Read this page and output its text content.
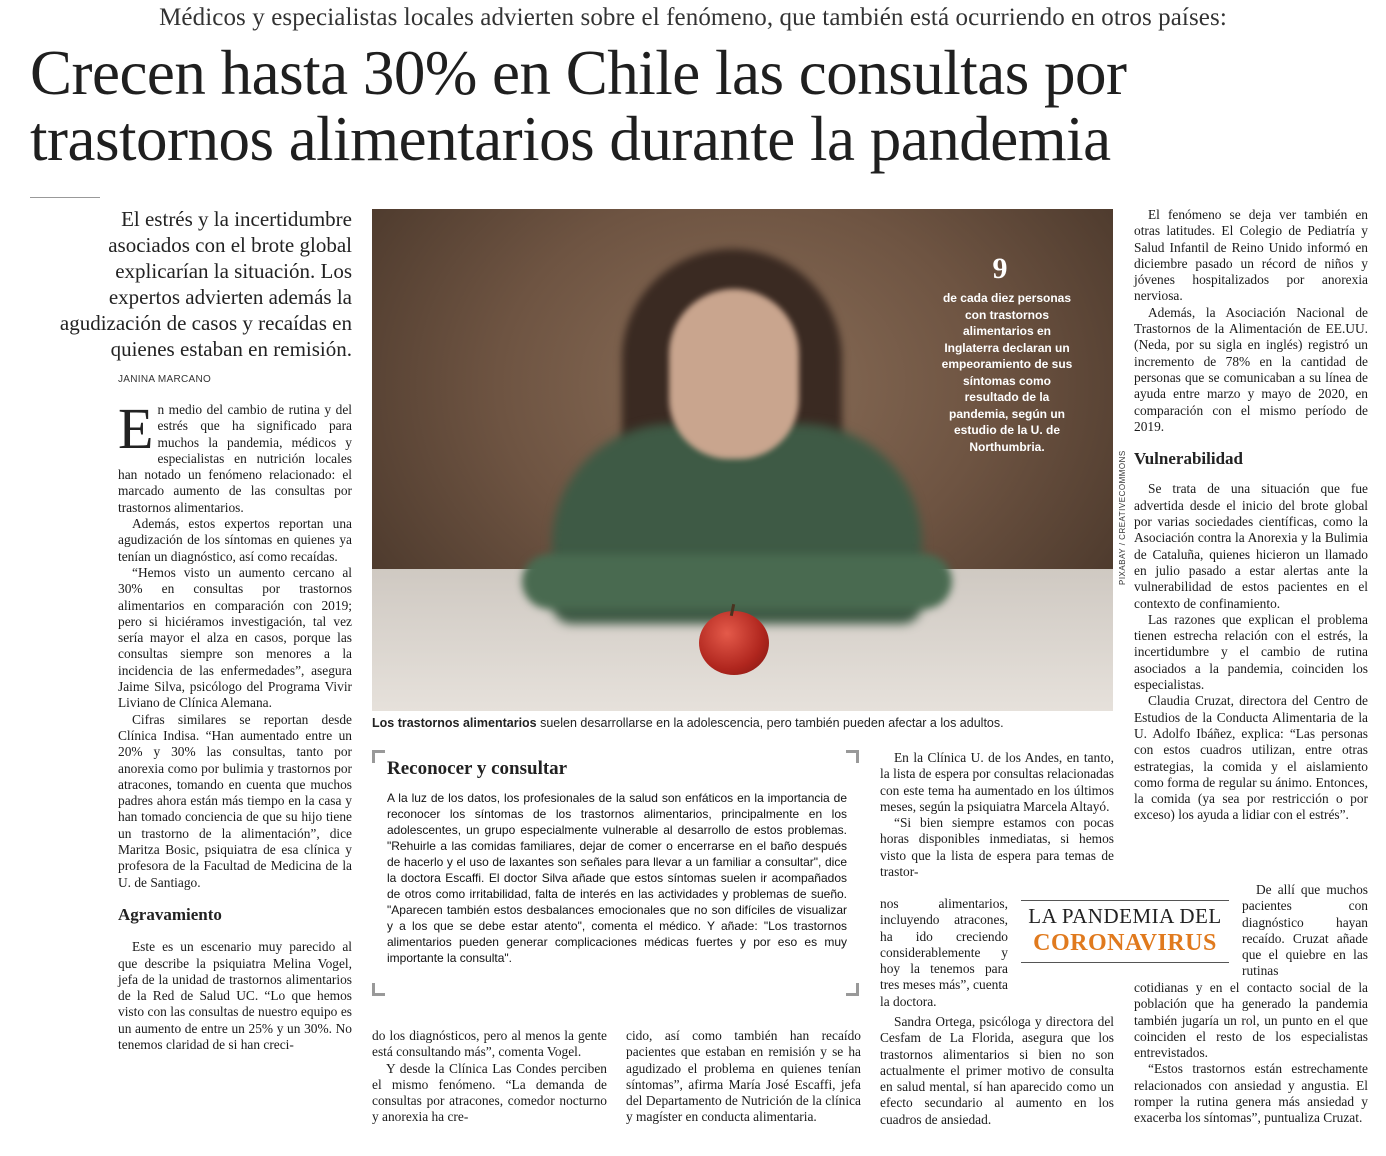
Médicos y especialistas locales advierten sobre el fenómeno, que también está ocurriendo en otros países:
Crecen hasta 30% en Chile las consultas por trastornos alimentarios durante la pandemia
El estrés y la incertidumbre asociados con el brote global explicarían la situación. Los expertos advierten además la agudización de casos y recaídas en quienes estaban en remisión.
JANINA MARCANO

En medio del cambio de rutina y del estrés que ha significado para muchos la pandemia, médicos y especialistas en nutrición locales han notado un fenómeno relacionado: el marcado aumento de las consultas por trastornos alimentarios.

Además, estos expertos reportan una agudización de los síntomas en quienes ya tenían un diagnóstico, así como recaídas.

“Hemos visto un aumento cercano al 30% en consultas por trastornos alimentarios en comparación con 2019; pero si hiciéramos investigación, tal vez sería mayor el alza en casos, porque las consultas siempre son menores a la incidencia de las enfermedades”, asegura Jaime Silva, psicólogo del Programa Vivir Liviano de Clínica Alemana.

Cifras similares se reportan desde Clínica Indisa. “Han aumentado entre un 20% y 30% las consultas, tanto por anorexia como por bulimia y trastornos por atracones, tomando en cuenta que muchos padres ahora están más tiempo en la casa y han tomado conciencia de que su hijo tiene un trastorno de la alimentación”, dice Maritza Bosic, psiquiatra de esa clínica y profesora de la Facultad de Medicina de la U. de Santiago.

Agravamiento

Este es un escenario muy parecido al que describe la psiquiatra Melina Vogel, jefa de la unidad de trastornos alimentarios de la Red de Salud UC. “Lo que hemos visto con las consultas de nuestro equipo es un aumento de entre un 25% y un 30%. No tenemos claridad de si han creci-

9
de cada diez personas con trastornos alimentarios en Inglaterra declaran un empeoramiento de sus síntomas como resultado de la pandemia, según un estudio de la U. de Northumbria.
PIXABAY / CREATIVECOMMONS
Los trastornos alimentarios suelen desarrollarse en la adolescencia, pero también pueden afectar a los adultos.
Reconocer y consultar
A la luz de los datos, los profesionales de la salud son enfáticos en la importancia de reconocer los síntomas de los trastornos alimentarios, principalmente en los adolescentes, un grupo especialmente vulnerable al desarrollo de estos problemas. "Rehuirle a las comidas familiares, dejar de comer o encerrarse en el baño después de hacerlo y el uso de laxantes son señales para llevar a un familiar a consultar", dice la doctora Escaffi. El doctor Silva añade que estos síntomas suelen ir acompañados de otros como irritabilidad, falta de interés en las actividades y problemas de sueño. "Aparecen también estos desbalances emocionales que no son difíciles de visualizar y a los que se debe estar atento", comenta el médico. Y añade: "Los trastornos alimentarios pueden generar complicaciones médicas fuertes y por eso es muy importante la consulta".

do los diagnósticos, pero al menos la gente está consultando más”, comenta Vogel.

Y desde la Clínica Las Condes perciben el mismo fenómeno. “La demanda de consultas por atracones, comedor nocturno y anorexia ha cre-

cido, así como también han recaído pacientes que estaban en remisión y se ha agudizado el problema en quienes tenían síntomas”, afirma María José Escaffi, jefa del Departamento de Nutrición de la clínica y magíster en conducta alimentaria.

En la Clínica U. de los Andes, en tanto, la lista de espera por consultas relacionadas con este tema ha aumentado en los últimos meses, según la psiquiatra Marcela Altayó.

“Si bien siempre estamos con pocas horas disponibles inmediatas, si hemos visto que la lista de espera para temas de trastor-

nos alimentarios, incluyendo atracones, ha ido creciendo considerablemente y hoy la tenemos para tres meses más”, cuenta la doctora.

Sandra Ortega, psicóloga y directora del Cesfam de La Florida, asegura que los trastornos alimentarios si bien no son actualmente el primer motivo de consulta en salud mental, sí han aparecido como un efecto secundario al aumento en los cuadros de ansiedad.

LA PANDEMIA DEL
CORONAVIRUS

El fenómeno se deja ver también en otras latitudes. El Colegio de Pediatría y Salud Infantil de Reino Unido informó en diciembre pasado un récord de niños y jóvenes hospitalizados por anorexia nerviosa.

Además, la Asociación Nacional de Trastornos de la Alimentación de EE.UU. (Neda, por su sigla en inglés) registró un incremento de 78% en la cantidad de personas que se comunicaban a su línea de ayuda entre marzo y mayo de 2020, en comparación con el mismo período de 2019.

Vulnerabilidad

Se trata de una situación que fue advertida desde el inicio del brote global por varias sociedades científicas, como la Asociación contra la Anorexia y la Bulimia de Cataluña, quienes hicieron un llamado en julio pasado a estar alertas ante la vulnerabilidad de estos pacientes en el contexto de confinamiento.

Las razones que explican el problema tienen estrecha relación con el estrés, la incertidumbre y el cambio de rutina asociados a la pandemia, coinciden los especialistas.

Claudia Cruzat, directora del Centro de Estudios de la Conducta Alimentaria de la U. Adolfo Ibáñez, explica: “Las personas con estos cuadros utilizan, entre otras estrategias, la comida y el aislamiento como forma de regular su ánimo. Entonces, la comida (ya sea por restricción o por exceso) los ayuda a lidiar con el estrés”.

De allí que muchos pacientes con diagnóstico hayan recaído. Cruzat añade que el quiebre en las rutinas

cotidianas y en el contacto social de la población que ha generado la pandemia también jugaría un rol, un punto en el que coinciden el resto de los especialistas entrevistados.

“Estos trastornos están estrechamente relacionados con ansiedad y angustia. El romper la rutina genera más ansiedad y exacerba los síntomas”, puntualiza Cruzat.
